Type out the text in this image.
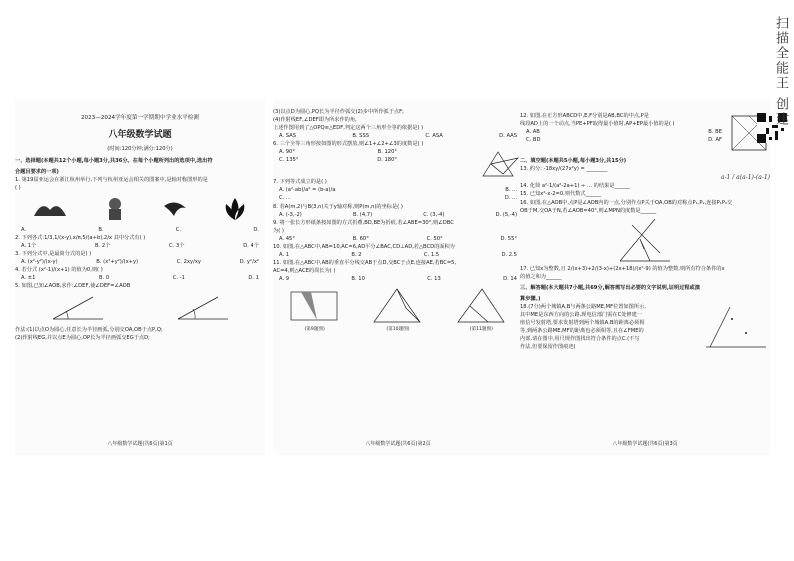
2023—2024学年度第一学期期中学业水平检测
八年级数学试题
(时间:120分钟;满分:120分)
一、选择题(本题共12个小题,每小题3分,共36分。在每个小题所列出的选项中,选出符
合题目要求的一项)
1. 第19届亚运会在浙江杭州举行,下列与杭州亚运会相关的图案中,是轴对称图形的是
( )
A.	B.	C.	D.
2. 下列各式:1/3,1/(x-y),x/π,5/(a+b),2/x 其中分式有( )
A. 1个	B. 2个	C. 3个	D. 4个
3. 下列分式中,是最简分式的是( )
A. (x²-y²)/(x-y)	B. (x²+y²)/(x+y)	C. 2xy/xy	D. y²/x²
4. 若分式 (x²-1)/(x+1) 的值为0,则( )
A. ±1	B. 0	C. -1	D. 1
5. 如图,已知∠AOB,求作:∠DEF,使∠DEF=∠AOB
作法:(1)以点O为圆心,任意长为半径画弧,分别交OA,OB于点P,Q;
(2)作射线EG,并以点E为圆心,OP长为半径画弧交EG于点D;
八年级数学试题(共6页)第1页
(3)以点D为圆心,PQ长为半径作弧交(2)步中所作弧于点F;
(4)作射线EF,∠DEF即为所求作的角,
上述作图用到了△OPQ≌△EDF,判定这两个三角形全等的依据是( )
A. SAS	B. SSS	C. ASA	D. AAS
6. 三个全等三角形按如图的形式摆放,则∠1+∠2+∠3的度数是( )
A. 90°	B. 120°
C. 135°	D. 180°
7. 下列等式成立的是( )
A. (a²-ab)/a² = (b-a)/a	B. ...
C. ...	D. ...
8. 若A(m,2)与B(3,n)关于y轴对称,则P(m,n)的坐标是( )
A. (-3,-2)	B. (4,7)	C. (3,-4)	D. (5,-4)
9. 将一张长方形纸条按如图的方式折叠,BD,BE为折痕,若∠ABE=30°,则∠DBC
为( )
A. 45°	B. 60°	C. 50°	D. 55°
10. 如图,在△ABC中,AB=10,AC=6,AD平分∠BAC,CD⊥AD,若△BCD的面积为
A. 1	B. 2	C. 1.5	D. 2.5
11. 如图,在△ABC中,AB的垂直平分线交AB于点D,交BC于点E,连接AE,若BC=5,
AC=4,则△ACE的周长为( )
A. 9	B. 10	C. 13	D. 14
(第9题图)	(第10题图)	(第11题图)
八年级数学试题(共6页)第2页
12. 如图,在正方形ABCD中,E,F分别是AB,BC的中点,P是
线段AD上的一个动点,当PE+PF取得最小值时,AP+EP最小值的是( )
A. AB	B. BE
C. BD	D. AF
二、填空题(本题共5小题,每小题3分,共15分)
13. 约分: -18xy/(27x²y) = ________
a-1 / a(a-1)-(a-1)
14. 化简 a²-1/(a²-2a+1) ÷ ... 的结果是______
15. 已知x²-x-2=0,则代数式______
16. 如图,在△AOB中,点P是∠AOB内的一点,分别作点P关于OA,OB的对称点P₁,P₂,连接P₁P₂交
OB于M,交OA于N,若∠AOB=40°,则∠MPN的度数是______
17. 已知x为整数,且 2/(x+3)+2/(3-x)+(2x+18)/(x²-9) 的值为整数,则所有符合条件的x
的值之和为______
三、解答题(本大题共7小题,共69分,解答需写出必要的文字说明,证明过程或演
算步骤。)
18.(7分)两个城镇A,B与两条公路ME,MF位置如图所示,
其中ME是东西方向的公路,现电信部门需在C处修建一
座信号发射塔,要求发射塔到两个城镇A,B的距离必须相
等,到两条公路ME,MF的距离也必须相等,且在∠FME的
内部,请在图中,用尺规作图找出符合条件的点C.(不写
作法,但要保留作图痕迹)
八年级数学试题(共6页)第3页
扫描全能王 创建
